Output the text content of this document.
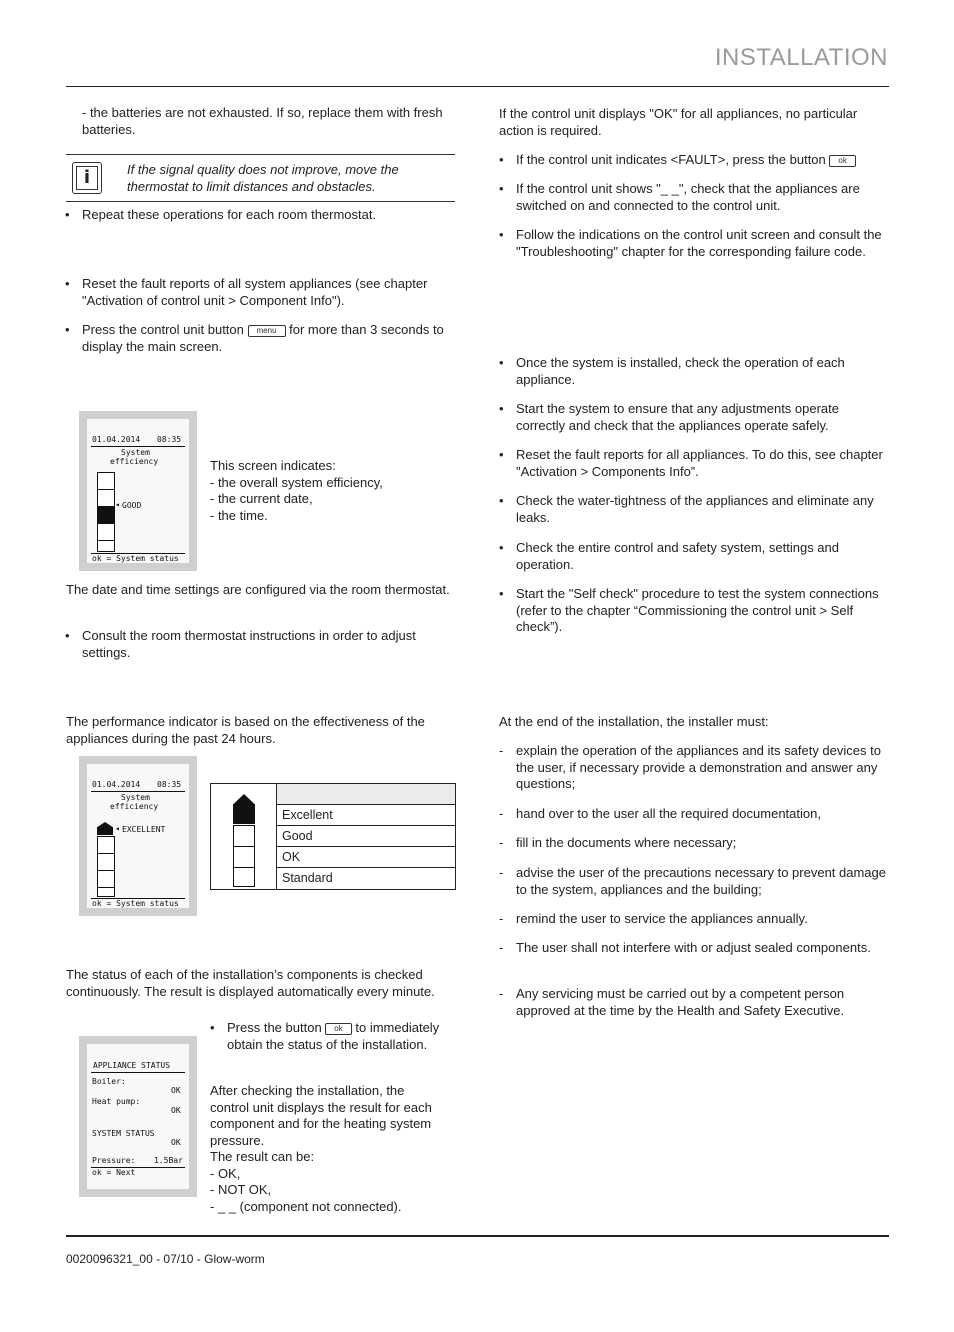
INSTALLATION
- the batteries are not exhausted. If so, replace them with fresh batteries.
i	If the signal quality does not improve, move the thermostat to limit distances and obstacles.
• Repeat these operations for each room thermostat.
• Reset the fault reports of all system appliances (see chapter "Activation of control unit > Component Info").
• Press the control unit button menu for more than 3 seconds to display the main screen.
01.04.2014 08:35
System
efficiency
◂ GOOD
ok = System status
This screen indicates:
- the overall system efficiency,
- the current date,
- the time.
The date and time settings are configured via the room thermostat.
• Consult the room thermostat instructions in order to adjust settings.
The performance indicator is based on the effectiveness of the appliances during the past 24 hours.
01.04.2014 08:35
System
efficiency
◂ EXCELLENT
ok = System status
Excellent
Good
OK
Standard
The status of each of the installation’s components is checked continuously. The result is displayed automatically every minute.
APPLIANCE STATUS
Boiler:
OK
Heat pump:
OK
SYSTEM STATUS
OK
Pressure: 1.5Bar
ok = Next
• Press the button ok to immediately obtain the status of the installation.
After checking the installation, the
control unit displays the result for each
component and for the heating system
pressure.
The result can be:
- OK,
- NOT OK,
- _ _ (component not connected).
If the control unit displays "OK" for all appliances, no particular action is required.
• If the control unit indicates <FAULT>, press the button ok
• If the control unit shows "_ _", check that the appliances are switched on and connected to the control unit.
• Follow the indications on the control unit screen and consult the "Troubleshooting" chapter for the corresponding failure code.
• Once the system is installed, check the operation of each appliance.
• Start the system to ensure that any adjustments operate correctly and check that the appliances operate safely.
• Reset the fault reports for all appliances. To do this, see chapter "Activation > Components Info”.
• Check the water-tightness of the appliances and eliminate any leaks.
• Check the entire control and safety system, settings and operation.
• Start the "Self check" procedure to test the system connections (refer to the chapter “Commissioning the control unit > Self check”).
At the end of the installation, the installer must:
- explain the operation of the appliances and its safety devices to the user, if necessary provide a demonstration and answer any questions;
- hand over to the user all the required documentation,
- fill in the documents where necessary;
- advise the user of the precautions necessary to prevent damage to the system, appliances and the building;
- remind the user to service the appliances annually.
- The user shall not interfere with or adjust sealed components.
- Any servicing must be carried out by a competent person approved at the time by the Health and Safety Executive.
0020096321_00 - 07/10 - Glow-worm
